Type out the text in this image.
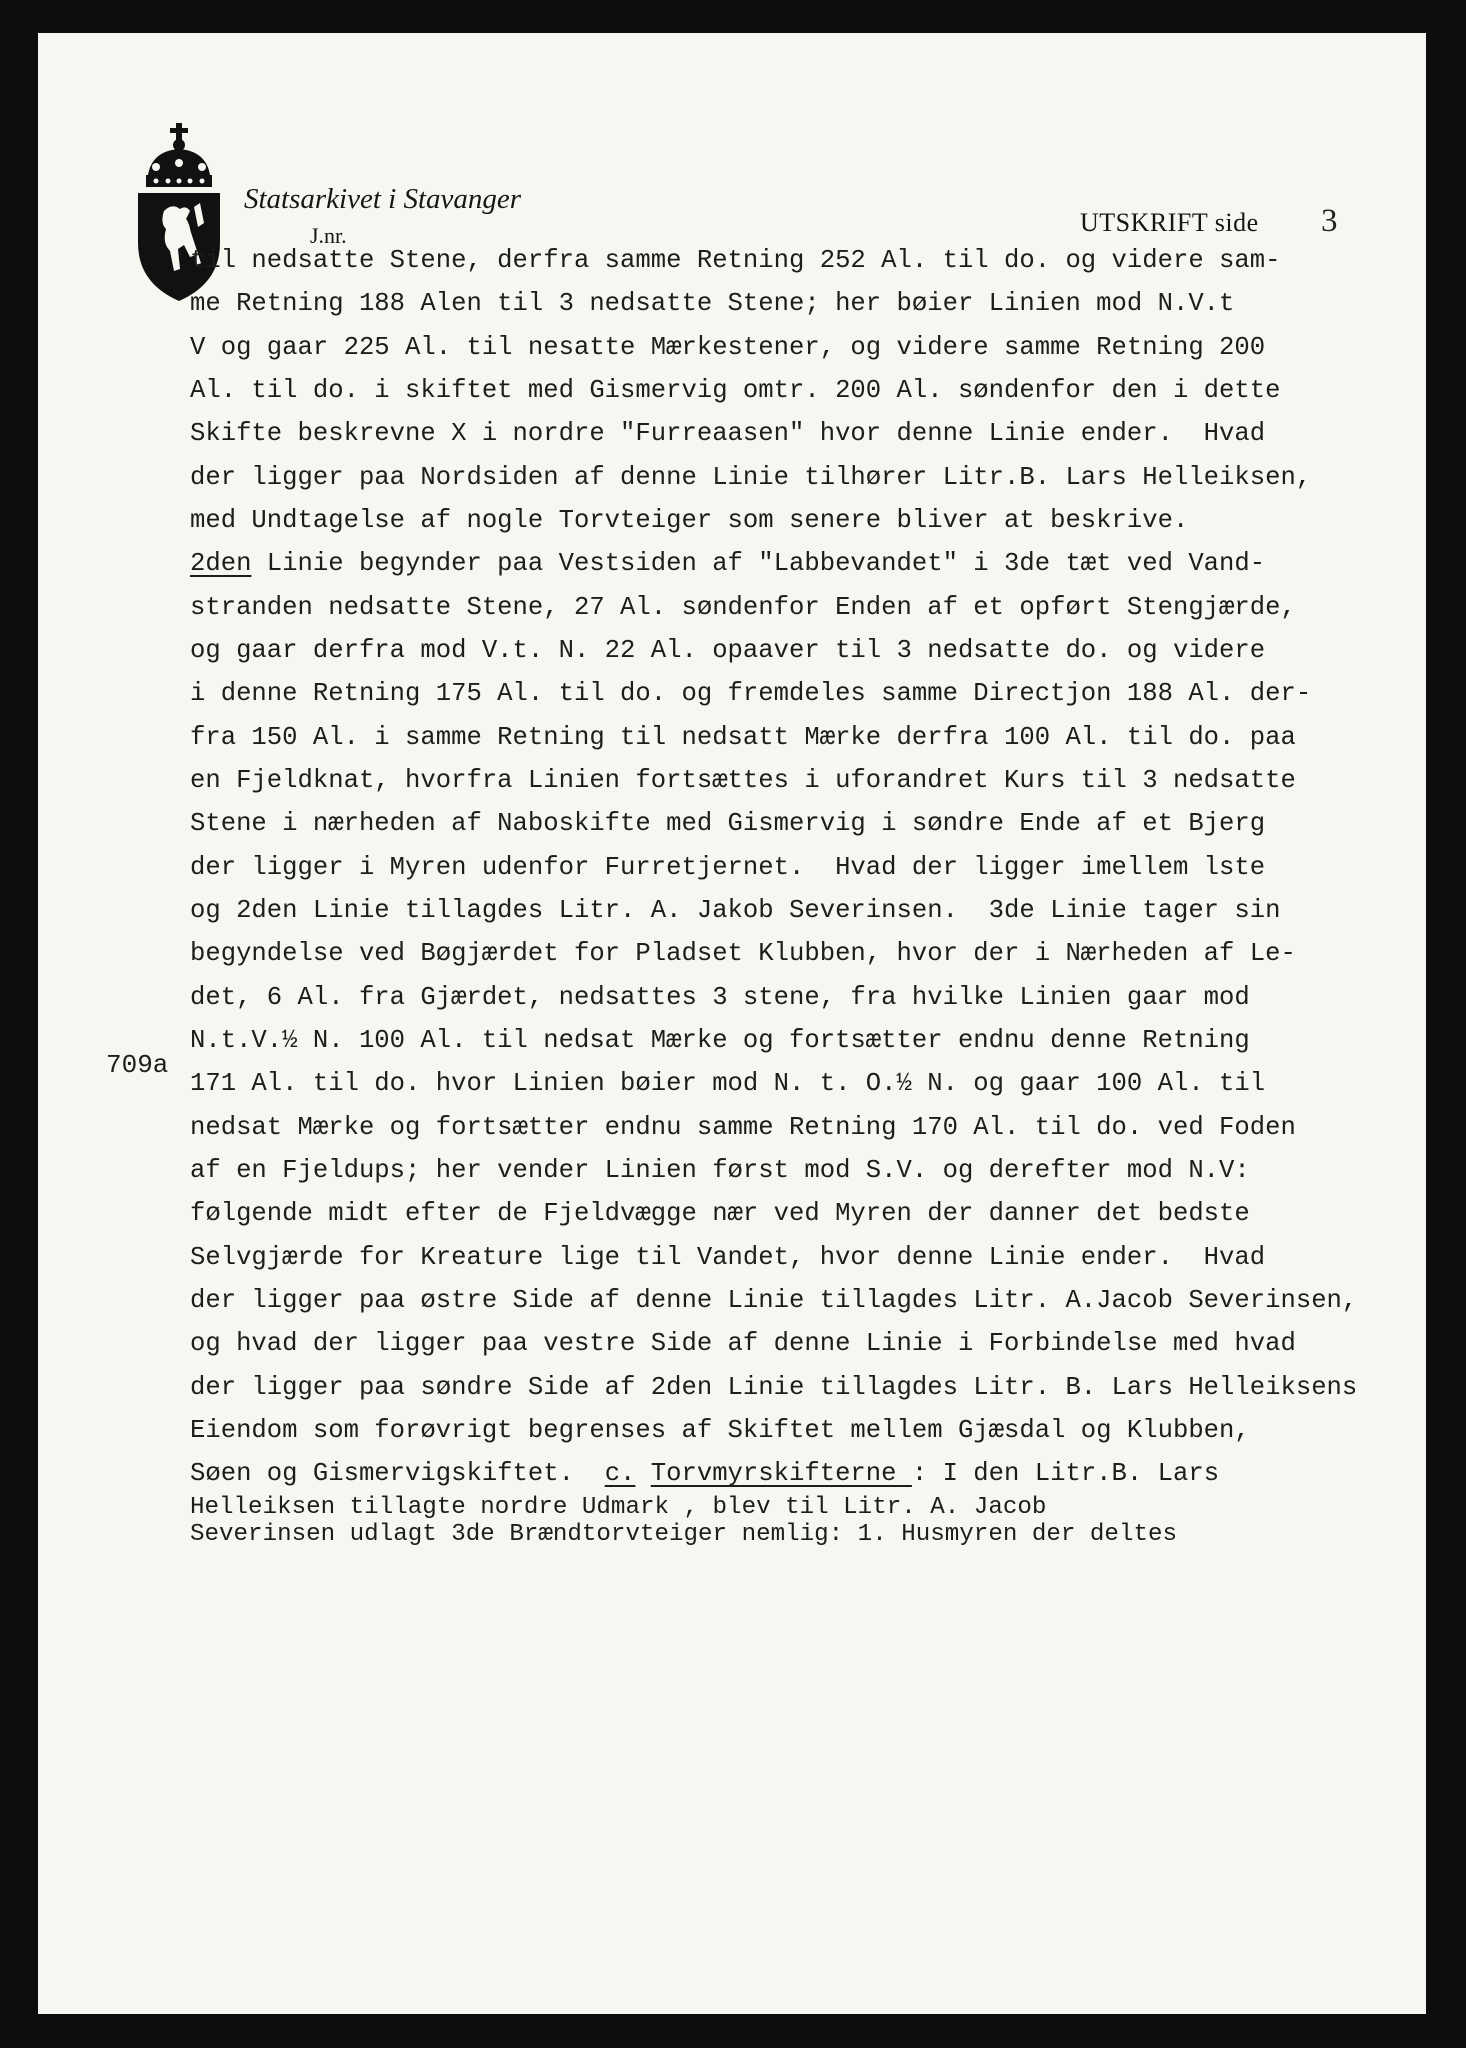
Statsarkivet i Stavanger
J.nr.	UTSKRIFT side 3
709a
til nedsatte Stene, derfra samme Retning 252 Al. til do. og videre sam-
me Retning 188 Alen til 3 nedsatte Stene; her bøier Linien mod N.V.t
V og gaar 225 Al. til nesatte Mærkestener, og videre samme Retning 200
Al. til do. i skiftet med Gismervig omtr. 200 Al. søndenfor den i dette
Skifte beskrevne X i nordre "Furreaasen" hvor denne Linie ender.  Hvad
der ligger paa Nordsiden af denne Linie tilhører Litr.B. Lars Helleiksen,
med Undtagelse af nogle Torvteiger som senere bliver at beskrive.
2den Linie begynder paa Vestsiden af "Labbevandet" i 3de tæt ved Vand-
stranden nedsatte Stene, 27 Al. søndenfor Enden af et opført Stengjærde,
og gaar derfra mod V.t. N. 22 Al. opaaver til 3 nedsatte do. og videre
i denne Retning 175 Al. til do. og fremdeles samme Directjon 188 Al. der-
fra 150 Al. i samme Retning til nedsatt Mærke derfra 100 Al. til do. paa
en Fjeldknat, hvorfra Linien fortsættes i uforandret Kurs til 3 nedsatte
Stene i nærheden af Naboskifte med Gismervig i søndre Ende af et Bjerg
der ligger i Myren udenfor Furretjernet.  Hvad der ligger imellem lste
og 2den Linie tillagdes Litr. A. Jakob Severinsen.  3de Linie tager sin
begyndelse ved Bøgjærdet for Pladset Klubben, hvor der i Nærheden af Le-
det, 6 Al. fra Gjærdet, nedsattes 3 stene, fra hvilke Linien gaar mod
N.t.V.½ N. 100 Al. til nedsat Mærke og fortsætter endnu denne Retning
171 Al. til do. hvor Linien bøier mod N. t. O.½ N. og gaar 100 Al. til
nedsat Mærke og fortsætter endnu samme Retning 170 Al. til do. ved Foden
af en Fjeldups; her vender Linien først mod S.V. og derefter mod N.V:
følgende midt efter de Fjeldvægge nær ved Myren der danner det bedste
Selvgjærde for Kreature lige til Vandet, hvor denne Linie ender.  Hvad
der ligger paa østre Side af denne Linie tillagdes Litr. A.Jacob Severinsen,
og hvad der ligger paa vestre Side af denne Linie i Forbindelse med hvad
der ligger paa søndre Side af 2den Linie tillagdes Litr. B. Lars Helleiksens
Eiendom som forøvrigt begrenses af Skiftet mellem Gjæsdal og Klubben,
Søen og Gismervigskiftet.  c. Torvmyrskifterne : I den Litr.B. Lars
Helleiksen tillagte nordre Udmark , blev til Litr. A. Jacob
Severinsen udlagt 3de Brændtorvteiger nemlig: 1. Husmyren der deltes
